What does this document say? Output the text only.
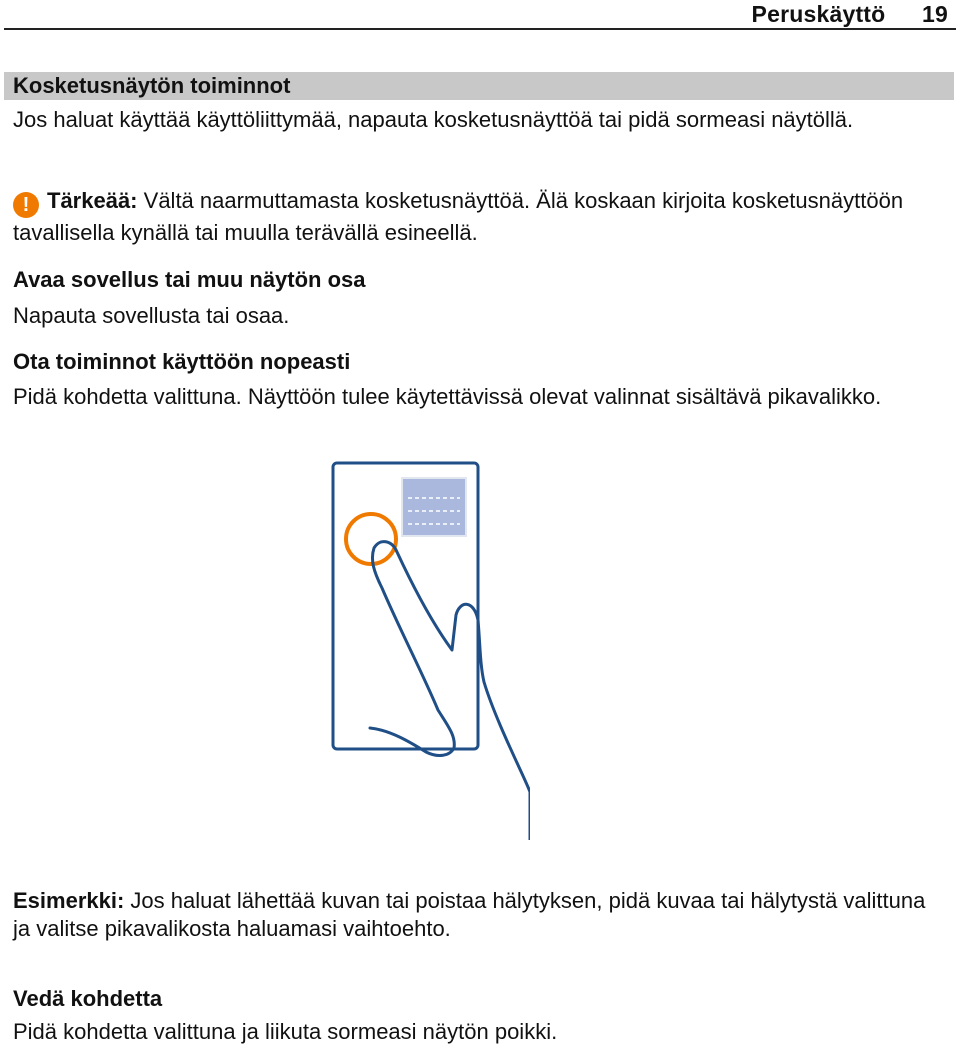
Peruskäyttö 19
Kosketusnäytön toiminnot
Jos haluat käyttää käyttöliittymää, napauta kosketusnäyttöä tai pidä sormeasi näytöllä.
! Tärkeää: Vältä naarmuttamasta kosketusnäyttöä. Älä koskaan kirjoita kosketusnäyttöön tavallisella kynällä tai muulla terävällä esineellä.
Avaa sovellus tai muu näytön osa
Napauta sovellusta tai osaa.
Ota toiminnot käyttöön nopeasti
Pidä kohdetta valittuna. Näyttöön tulee käytettävissä olevat valinnat sisältävä pikavalikko.
Esimerkki: Jos haluat lähettää kuvan tai poistaa hälytyksen, pidä kuvaa tai hälytystä valittuna ja valitse pikavalikosta haluamasi vaihtoehto.
Vedä kohdetta
Pidä kohdetta valittuna ja liikuta sormeasi näytön poikki.
